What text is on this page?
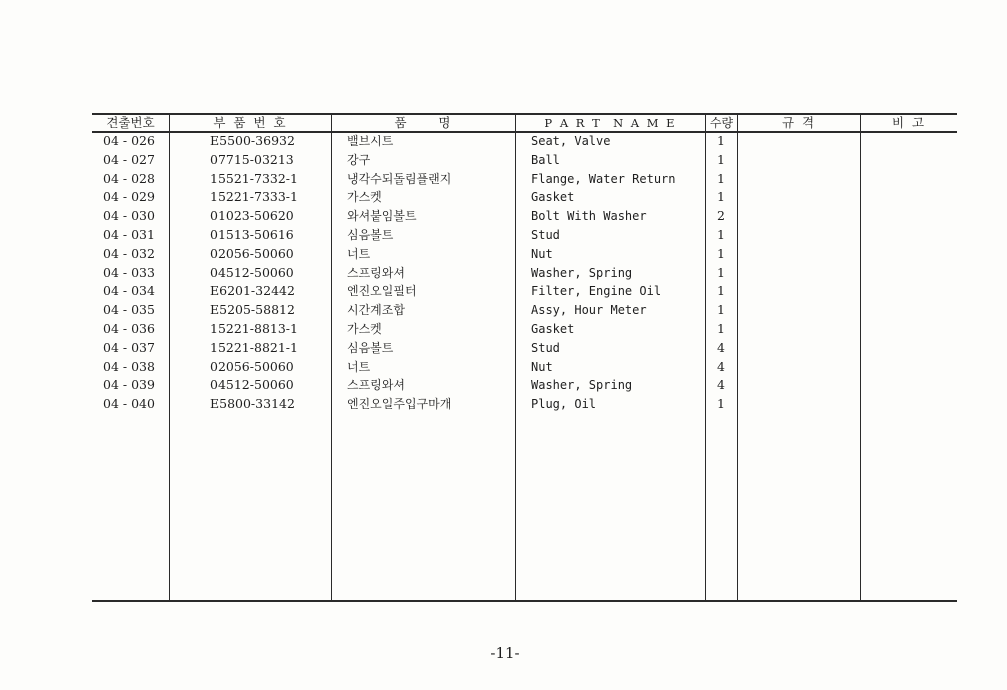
견출번호	부 품 번 호	품     명	P A R T  N A M E	수량	규 격	비 고
04 - 026	E5500-36932	밸브시트	Seat, Valve	1
04 - 027	07715-03213	강구	Ball	1
04 - 028	15521-7332-1	냉각수되돌림플랜지	Flange, Water Return	1
04 - 029	15221-7333-1	가스켓	Gasket	1
04 - 030	01023-50620	와셔붙임볼트	Bolt With Washer	2
04 - 031	01513-50616	심음볼트	Stud	1
04 - 032	02056-50060	너트	Nut	1
04 - 033	04512-50060	스프링와셔	Washer, Spring	1
04 - 034	E6201-32442	엔진오일필터	Filter, Engine Oil	1
04 - 035	E5205-58812	시간계조합	Assy, Hour Meter	1
04 - 036	15221-8813-1	가스켓	Gasket	1
04 - 037	15221-8821-1	심음볼트	Stud	4
04 - 038	02056-50060	너트	Nut	4
04 - 039	04512-50060	스프링와셔	Washer, Spring	4
04 - 040	E5800-33142	엔진오일주입구마개	Plug, Oil	1
-11-
